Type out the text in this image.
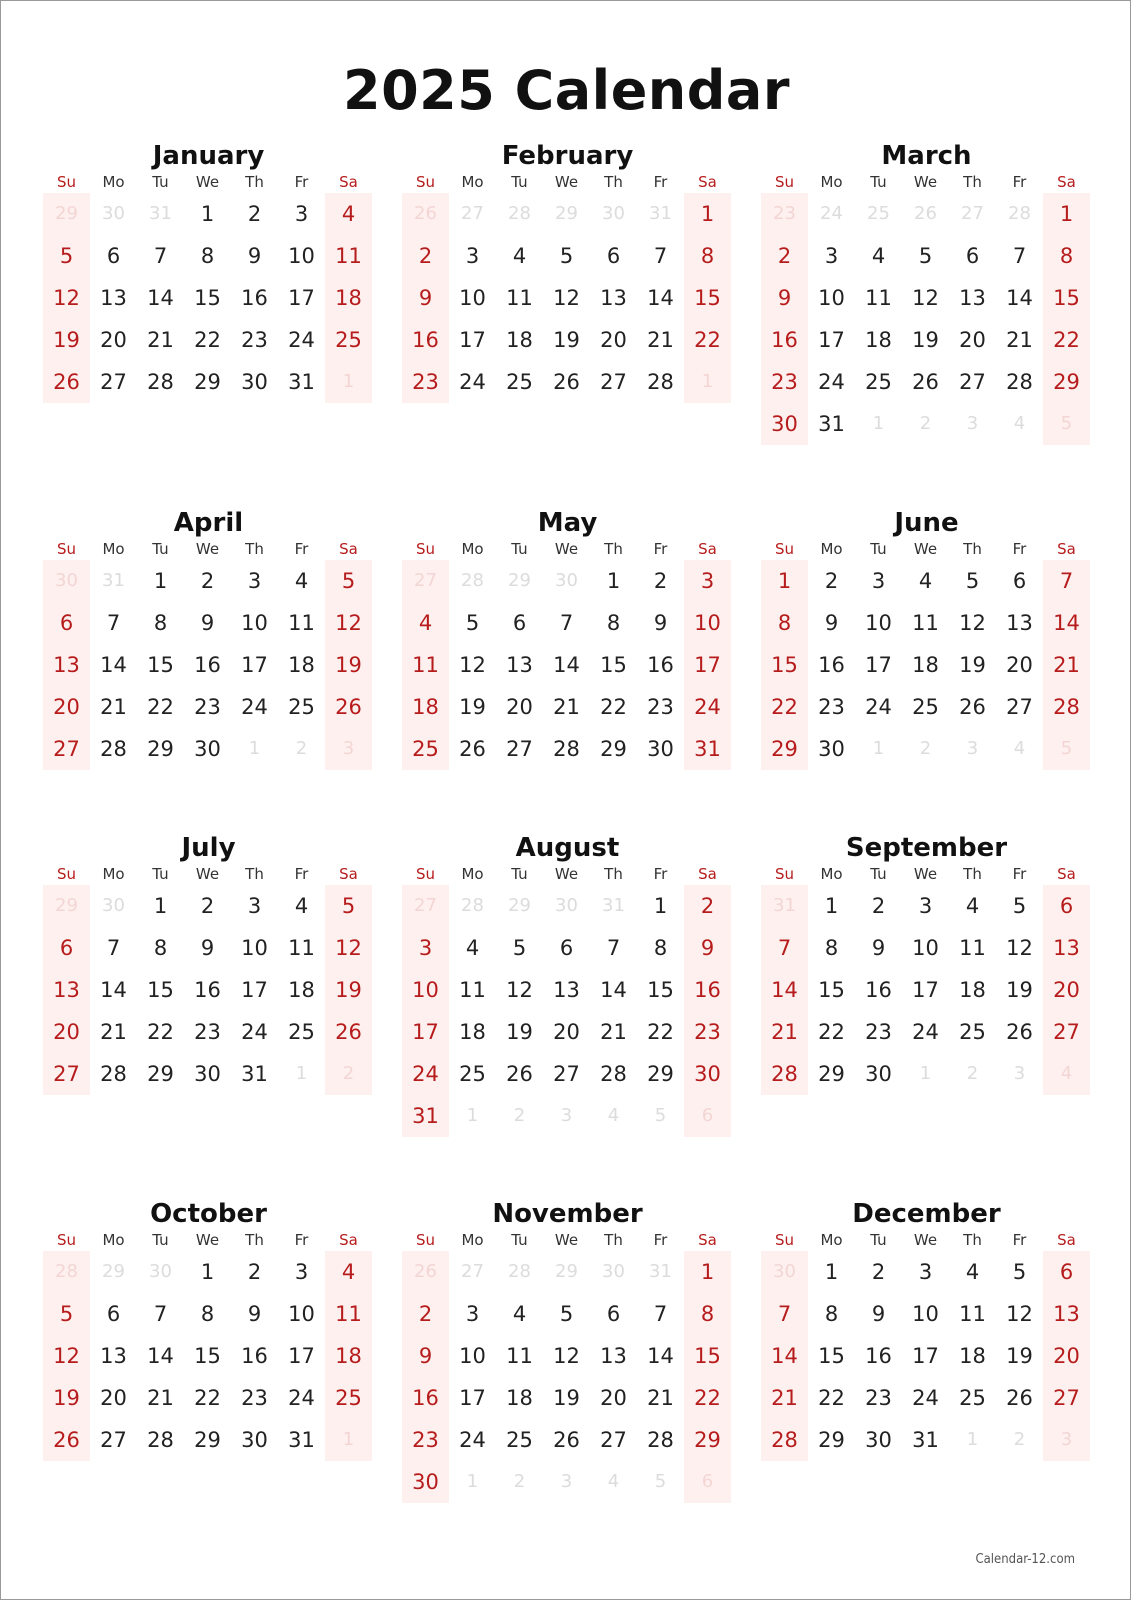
2025 Calendar
January
Su	Mo	Tu	We	Th	Fr	Sa
29	30	31	1	2	3	4
5	6	7	8	9	10 11
12 13 14 15 16 17 18
19 20 21 22 23 24 25
26 27 28 29 30 31	1
February
Su	Mo	Tu	We	Th	Fr	Sa
26	27	28	29	30	31	1
2	3	4	5	6	7	8
9	10 11 12 13 14 15
16 17 18 19 20 21 22
23 24 25 26 27 28	1
March
Su	Mo	Tu	We	Th	Fr	Sa
23	24	25	26	27	28	1
2	3	4	5	6	7	8
9	10 11 12 13 14 15
16 17 18 19 20 21 22
23 24 25 26 27 28 29
30 31	1	2	3	4	5
April
Su	Mo	Tu	We	Th	Fr	Sa
30	31	1	2	3	4	5
6	7	8	9	10 11 12
13 14 15 16 17 18 19
20 21 22 23 24 25 26
27 28 29 30	1	2	3
May
Su	Mo	Tu	We	Th	Fr	Sa
27	28	29	30	1	2	3
4	5	6	7	8	9	10
11 12 13 14 15 16 17
18 19 20 21 22 23 24
25 26 27 28 29 30 31
June
Su	Mo	Tu	We	Th	Fr	Sa
1	2	3	4	5	6	7
8	9	10 11 12 13 14
15 16 17 18 19 20 21
22 23 24 25 26 27 28
29 30	1	2	3	4	5
July
Su	Mo	Tu	We	Th	Fr	Sa
29	30	1	2	3	4	5
6	7	8	9	10 11 12
13 14 15 16 17 18 19
20 21 22 23 24 25 26
27 28 29 30 31	1	2
August
Su	Mo	Tu	We	Th	Fr	Sa
27	28	29	30	31	1	2
3	4	5	6	7	8	9
10 11 12 13 14 15 16
17 18 19 20 21 22 23
24 25 26 27 28 29 30
31	1	2	3	4	5	6
September
Su	Mo	Tu	We	Th	Fr	Sa
31	1	2	3	4	5	6
7	8	9	10 11 12 13
14 15 16 17 18 19 20
21 22 23 24 25 26 27
28 29 30	1	2	3	4
October
Su	Mo	Tu	We	Th	Fr	Sa
28	29	30	1	2	3	4
5	6	7	8	9	10 11
12 13 14 15 16 17 18
19 20 21 22 23 24 25
26 27 28 29 30 31	1
November
Su	Mo	Tu	We	Th	Fr	Sa
26	27	28	29	30	31	1
2	3	4	5	6	7	8
9	10 11 12 13 14 15
16 17 18 19 20 21 22
23 24 25 26 27 28 29
30	1	2	3	4	5	6
December
Su	Mo	Tu	We	Th	Fr	Sa
30	1	2	3	4	5	6
7	8	9	10 11 12 13
14 15 16 17 18 19 20
21 22 23 24 25 26 27
28 29 30 31	1	2	3
Calendar-12.com
